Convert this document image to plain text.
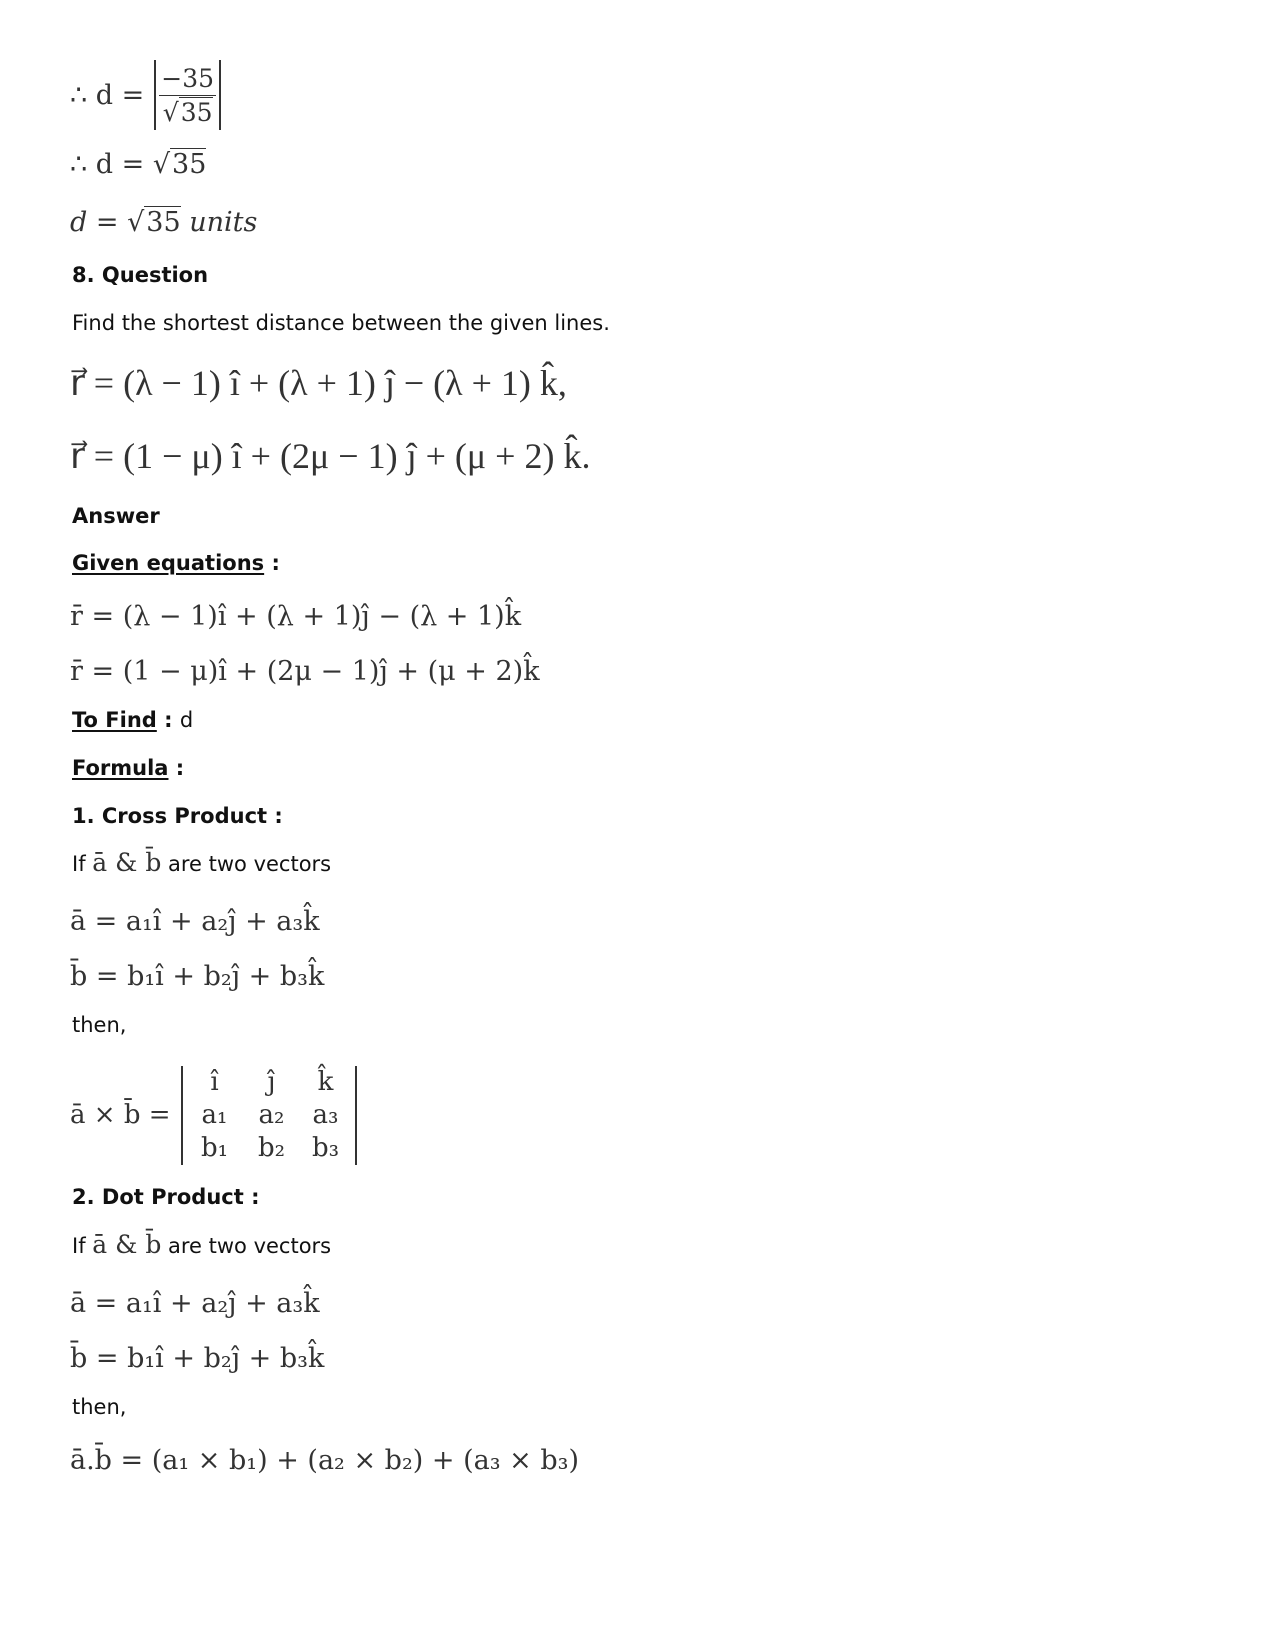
∴ $d = \frac{-35}{√35}$
∴ d = √35
d = √35 units
8. Question
Find the shortest distance between the given lines.
r⃗ = (λ − 1) î + (λ + 1) ĵ − (λ + 1) k̂,
r⃗ = (1 − μ) î + (2μ − 1) ĵ + (μ + 2) k̂.
Answer
Given equations :
r̄ = (λ − 1)î + (λ + 1)ĵ − (λ + 1)k̂
r̄ = (1 − μ)î + (2μ − 1)ĵ + (μ + 2)k̂
To Find : d
Formula :
1. Cross Product :
If ā & b̄ are two vectors
ā = a₁î + a₂ĵ + a₃k̂
b̄ = b₁î + b₂ĵ + b₃k̂
then,
ā × b̄ =
î	ĵ	k̂
a₁	a₂	a₃
b₁	b₂	b₃
2. Dot Product :
If ā & b̄ are two vectors
ā = a₁î + a₂ĵ + a₃k̂
b̄ = b₁î + b₂ĵ + b₃k̂
then,
ā.b̄ = (a₁ × b₁) + (a₂ × b₂) + (a₃ × b₃)
